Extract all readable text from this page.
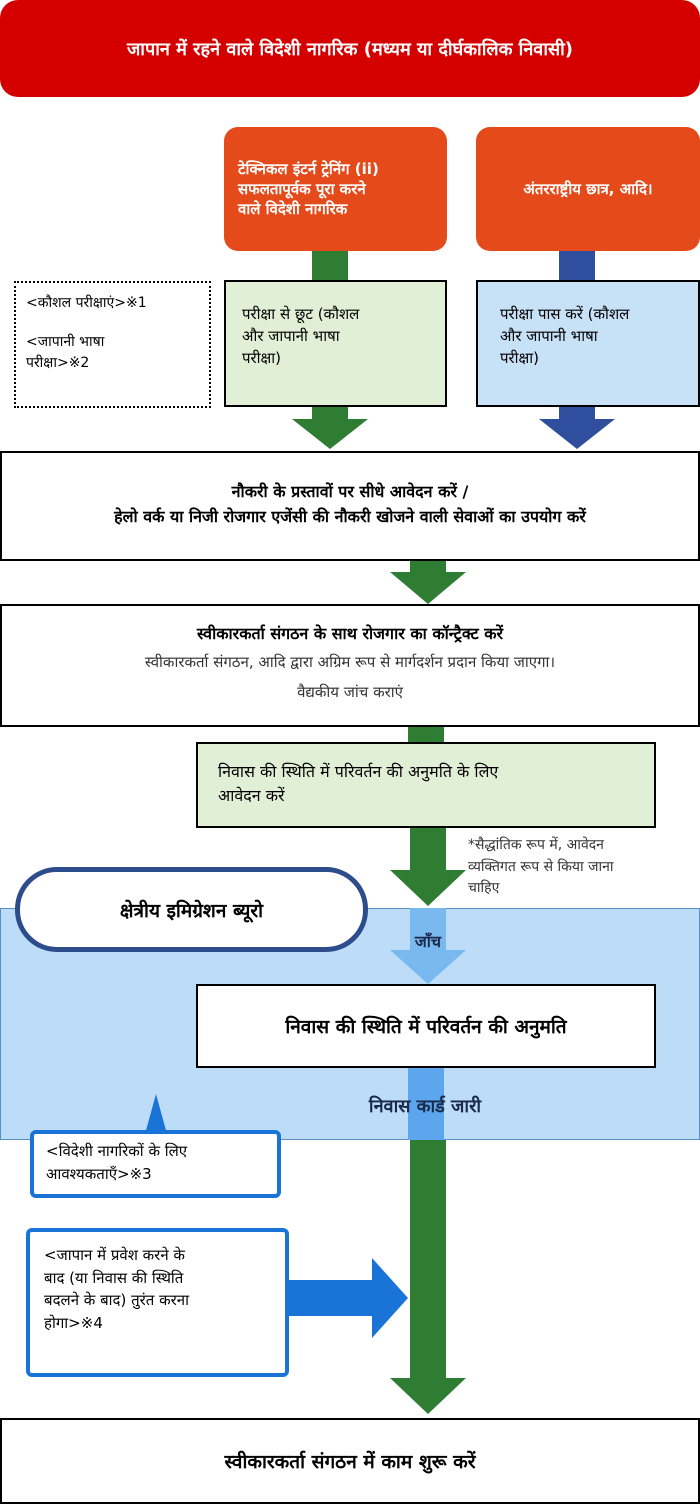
जापान में रहने वाले विदेशी नागरिक (मध्यम या दीर्घकालिक निवासी)
टेक्निकल इंटर्न ट्रेनिंग (ii)
सफलतापूर्वक पूरा करने
वाले विदेशी नागरिक
अंतरराष्ट्रीय छात्र, आदि।
<कौशल परीक्षाएं>※1
<जापानी भाषा
परीक्षा>※2
परीक्षा से छूट (कौशल
और जापानी भाषा
परीक्षा)
परीक्षा पास करें (कौशल
और जापानी भाषा
परीक्षा)
नौकरी के प्रस्तावों पर सीधे आवेदन करें /
हेलो वर्क या निजी रोजगार एजेंसी की नौकरी खोजने वाली सेवाओं का उपयोग करें
स्वीकारकर्ता संगठन के साथ रोजगार का कॉन्ट्रैक्ट करें
स्वीकारकर्ता संगठन, आदि द्वारा अग्रिम रूप से मार्गदर्शन प्रदान किया जाएगा।
वैद्यकीय जांच कराएं
निवास की स्थिति में परिवर्तन की अनुमति के लिए
आवेदन करें
*सैद्धांतिक रूप में, आवेदन
व्यक्तिगत रूप से किया जाना
चाहिए
क्षेत्रीय इमिग्रेशन ब्यूरो
जाँच
निवास की स्थिति में परिवर्तन की अनुमति
निवास कार्ड जारी
<विदेशी नागरिकों के लिए
आवश्यकताएँ>※3
<जापान में प्रवेश करने के
बाद (या निवास की स्थिति
बदलने के बाद) तुरंत करना
होगा>※4
स्वीकारकर्ता संगठन में काम शुरू करें
